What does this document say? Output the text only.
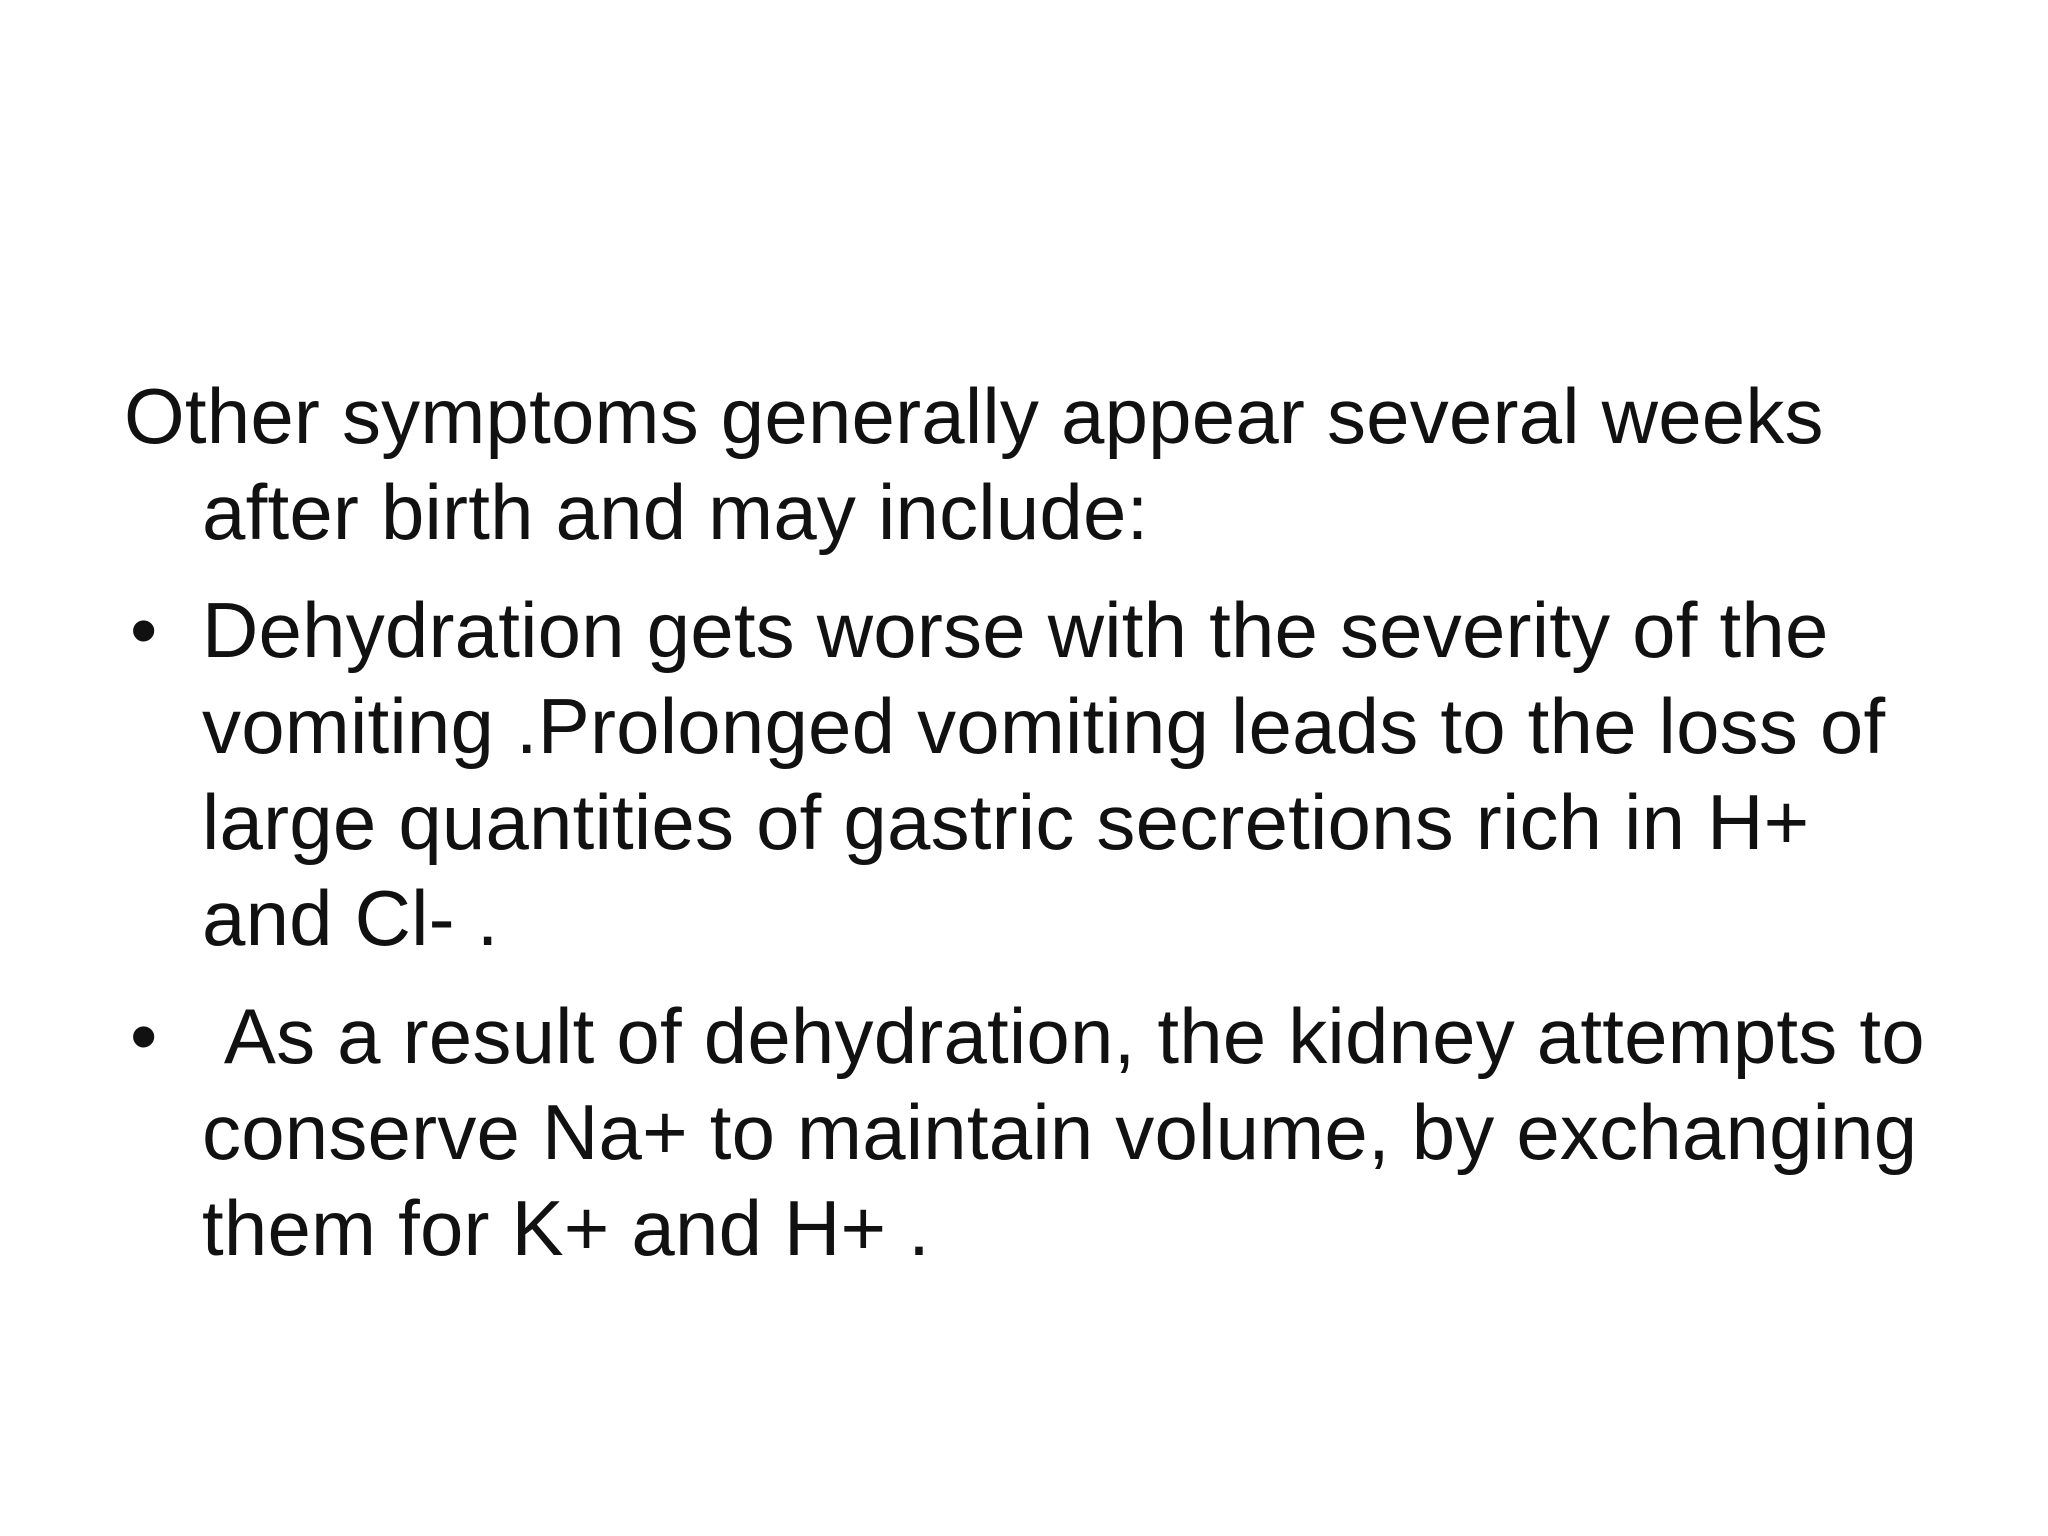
Other symptoms generally appear several weeks after birth and may include:

• Dehydration gets worse with the severity of the vomiting .Prolonged vomiting leads to the loss of large quantities of gastric secretions rich in H+ and Cl- .
• As a result of dehydration, the kidney attempts to conserve Na+ to maintain volume, by exchanging them for K+ and H+ .
